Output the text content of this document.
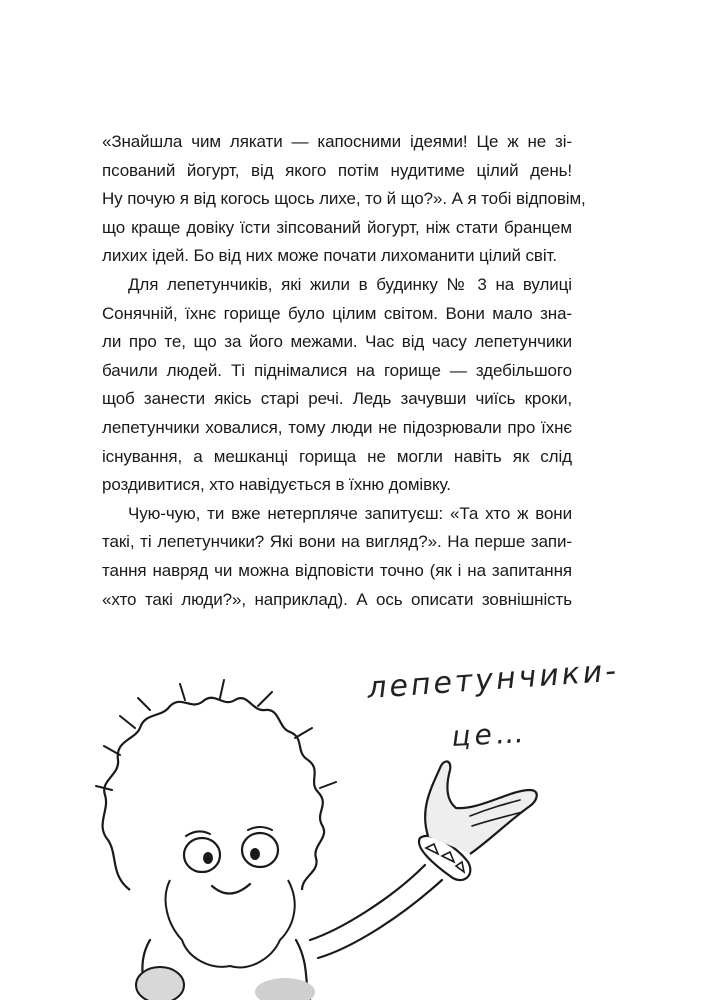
«Знайшла чим лякати — капосними ідеями! Це ж не зі-
псований йогурт, від якого потім нудитиме цілий день!
Ну почую я від когось щось лихе, то й що?». А я тобі відповім,
що краще довіку їсти зіпсований йогурт, ніж стати бранцем
лихих ідей. Бо від них може почати лихоманити цілий світ.
Для лепетунчиків, які жили в будинку № 3 на вулиці
Сонячній, їхнє горище було цілим світом. Вони мало зна-
ли про те, що за його межами. Час від часу лепетунчики
бачили людей. Ті піднімалися на горище — здебільшого
щоб занести якісь старі речі. Ледь зачувши чиїсь кроки,
лепетунчики ховалися, тому люди не підозрювали про їхнє
існування, а мешканці горища не могли навіть як слід
роздивитися, хто навідується в їхню домівку.
Чую-чую, ти вже нетерпляче запитуєш: «Та хто ж вони
такі, ті лепетунчики? Які вони на вигляд?». На перше запи-
тання навряд чи можна відповісти точно (як і на запитання
«хто такі люди?», наприклад). А ось описати зовнішність
лепетунчики-
це…
